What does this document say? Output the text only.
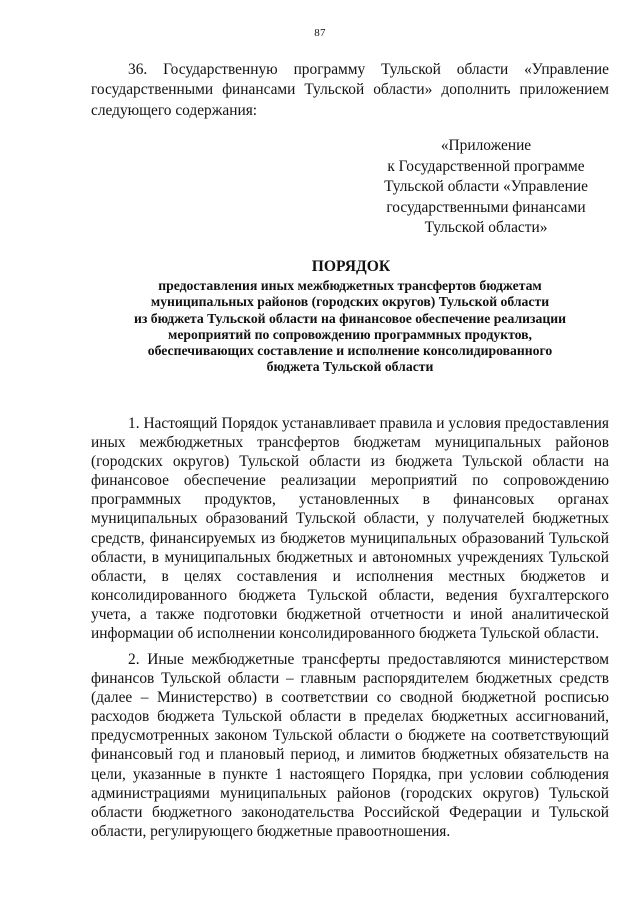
87

36. Государственную программу Тульской области «Управление государственными финансами Тульской области» дополнить приложением следующего содержания:

«Приложение
к Государственной программе
Тульской области «Управление
государственными финансами
Тульской области»
ПОРЯДОК
предоставления иных межбюджетных трансфертов бюджетам
муниципальных районов (городских округов) Тульской области
из бюджета Тульской области на финансовое обеспечение реализации
мероприятий по сопровождению программных продуктов,
обеспечивающих составление и исполнение консолидированного
бюджета Тульской области

1. Настоящий Порядок устанавливает правила и условия предоставления иных межбюджетных трансфертов бюджетам муниципальных районов (городских округов) Тульской области из бюджета Тульской области на финансовое обеспечение реализации мероприятий по сопровождению программных продуктов, установленных в финансовых органах муниципальных образований Тульской области, у получателей бюджетных средств, финансируемых из бюджетов муниципальных образований Тульской области, в муниципальных бюджетных и автономных учреждениях Тульской области, в целях составления и исполнения местных бюджетов и консолидированного бюджета Тульской области, ведения бухгалтерского учета, а также подготовки бюджетной отчетности и иной аналитической информации об исполнении консолидированного бюджета Тульской области.

2. Иные межбюджетные трансферты предоставляются министерством финансов Тульской области – главным распорядителем бюджетных средств (далее – Министерство) в соответствии со сводной бюджетной росписью расходов бюджета Тульской области в пределах бюджетных ассигнований, предусмотренных законом Тульской области о бюджете на соответствующий финансовый год и плановый период, и лимитов бюджетных обязательств на цели, указанные в пункте 1 настоящего Порядка, при условии соблюдения администрациями муниципальных районов (городских округов) Тульской области бюджетного законодательства Российской Федерации и Тульской области, регулирующего бюджетные правоотношения.
